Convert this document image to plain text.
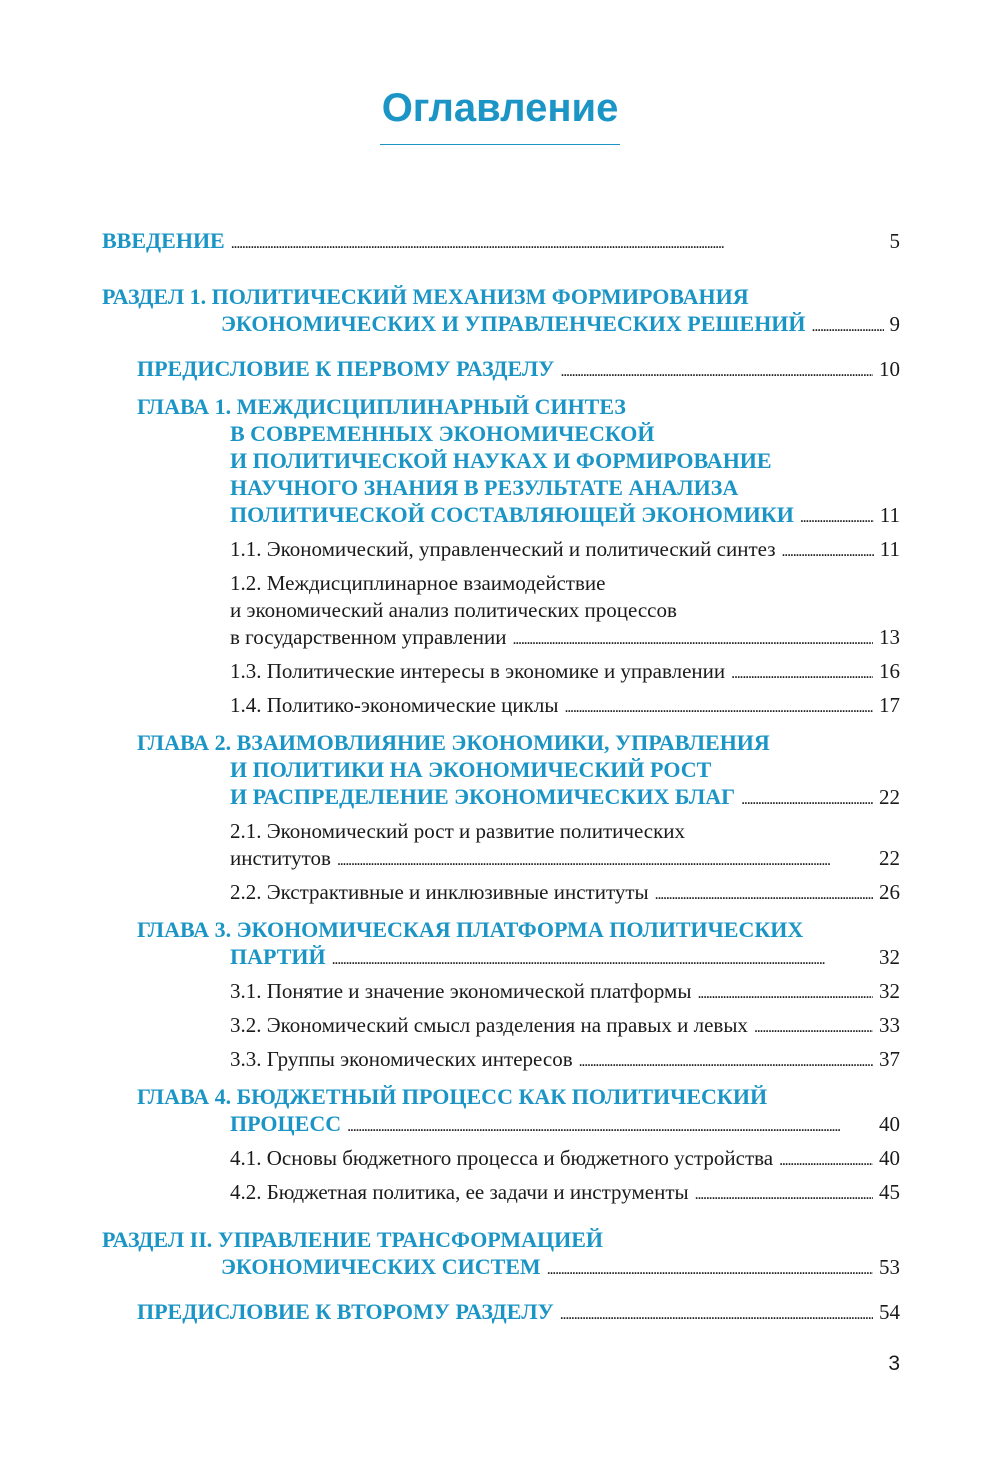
Оглавление
ВВЕДЕНИЕ . . .	5
РАЗДЕЛ 1. ПОЛИТИЧЕСКИЙ МЕХАНИЗМ ФОРМИРОВАНИЯ
ЭКОНОМИЧЕСКИХ И УПРАВЛЕНЧЕСКИХ РЕШЕНИЙ . . .	9
ПРЕДИСЛОВИЕ К ПЕРВОМУ РАЗДЕЛУ . . .	10
ГЛАВА 1. МЕЖДИСЦИПЛИНАРНЫЙ СИНТЕЗ
В СОВРЕМЕННЫХ ЭКОНОМИЧЕСКОЙ
И ПОЛИТИЧЕСКОЙ НАУКАХ И ФОРМИРОВАНИЕ
НАУЧНОГО ЗНАНИЯ В РЕЗУЛЬТАТЕ АНАЛИЗА
ПОЛИТИЧЕСКОЙ СОСТАВЛЯЮЩЕЙ ЭКОНОМИКИ . . .	11
1.1. Экономический, управленческий и политический синтез . . .	11
1.2. Междисциплинарное взаимодействие
и экономический анализ политических процессов
в государственном управлении . . .	13
1.3. Политические интересы в экономике и управлении . . .	16
1.4. Политико-экономические циклы . . .	17
ГЛАВА 2. ВЗАИМОВЛИЯНИЕ ЭКОНОМИКИ, УПРАВЛЕНИЯ
И ПОЛИТИКИ НА ЭКОНОМИЧЕСКИЙ РОСТ
И РАСПРЕДЕЛЕНИЕ ЭКОНОМИЧЕСКИХ БЛАГ . . .	22
2.1. Экономический рост и развитие политических
институтов . . .	22
2.2. Экстрактивные и инклюзивные институты . . .	26
ГЛАВА 3. ЭКОНОМИЧЕСКАЯ ПЛАТФОРМА ПОЛИТИЧЕСКИХ
ПАРТИЙ . . .	32
3.1. Понятие и значение экономической платформы . . .	32
3.2. Экономический смысл разделения на правых и левых . . .	33
3.3. Группы экономических интересов . . .	37
ГЛАВА 4. БЮДЖЕТНЫЙ ПРОЦЕСС КАК ПОЛИТИЧЕСКИЙ
ПРОЦЕСС . . .	40
4.1. Основы бюджетного процесса и бюджетного устройства . . .	40
4.2. Бюджетная политика, ее задачи и инструменты . . .	45
РАЗДЕЛ II. УПРАВЛЕНИЕ ТРАНСФОРМАЦИЕЙ
ЭКОНОМИЧЕСКИХ СИСТЕМ . . .	53
ПРЕДИСЛОВИЕ К ВТОРОМУ РАЗДЕЛУ . . .	54
3
